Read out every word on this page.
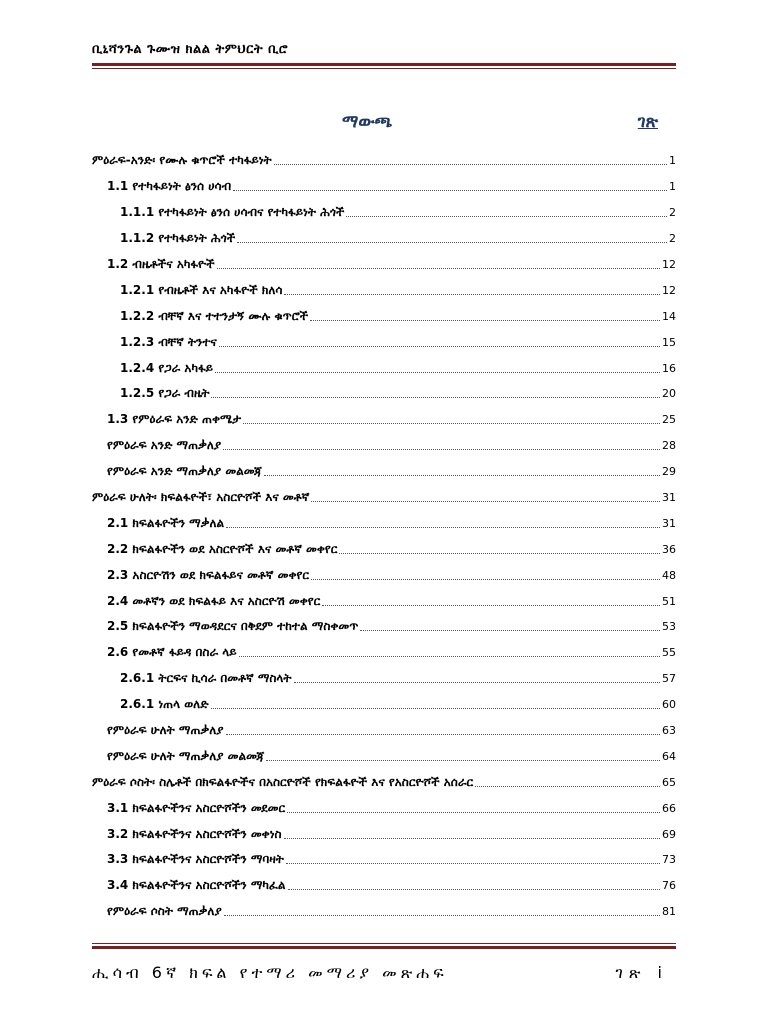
ቢኒሻንጉል ጉሙዝ ክልል ትምህርት ቢሮ
ማውጫ	ገጽ
ምዕራፍ-አንድ፡ የሙሉ ቁጥሮች ተካፋይነት	1
1.1 የተካፋይነት ፅንሰ ሀሳብ	1
1.1.1 የተካፋይነት ፅንሰ ሀሳብና የተካፋይነት ሕጎች	2
1.1.2 የተካፋይነት ሕጎች	2
1.2 ብዜቶችና አካፋዮች	12
1.2.1 የብዜቶች እና አካፋዮች ክለሳ	12
1.2.2 ብቸኛ እና ተተንታኝ ሙሉ ቁጥሮች	14
1.2.3 ብቸኛ ትንተና	15
1.2.4 የጋራ አካፋይ	16
1.2.5 የጋራ ብዜት	20
1.3 የምዕራፍ አንድ ጠቀሜታ	25
የምዕራፍ አንድ ማጠቃለያ	28
የምዕራፍ አንድ ማጠቃለያ መልመጃ	29
ምዕራፍ ሁለት፡ ክፍልፋዮች፣ አስርዮሾች እና መቶኛ	31
2.1 ክፍልፋዮችን ማቃለል	31
2.2 ክፍልፋዮችን ወደ አስርዮሾች እና መቶኛ መቀየር	36
2.3 አስርዮሽን ወደ ክፍልፋይና መቶኛ መቀየር	48
2.4 መቶኛን ወደ ክፍልፋይ እና አስርዮሽ መቀየር	51
2.5 ክፍልፋዮችን ማወዳደርና በቅደም ተከተል ማስቀመጥ	53
2.6 የመቶኛ ፋይዳ በስራ ላይ	55
2.6.1 ትርፍና ኪሳራ በመቶኛ ማስላት	57
2.6.1 ነጠላ ወለድ	60
የምዕራፍ ሁለት ማጠቃለያ	63
የምዕራፍ ሁለት ማጠቃለያ መልመጃ	64
ምዕራፍ ሶስት፡ ስሌቶች በክፍልፋዮችና በአስርዮሾች የክፍልፋዮች እና የአስርዮሾች አሰራር	65
3.1 ክፍልፋዮችንና አስርዮሾችን መደመር	66
3.2 ክፍልፋዮችንና አስርዮሾችን መቀነስ	69
3.3 ክፍልፋዮችንና አስርዮሾችን ማባዛት	73
3.4 ክፍልፋዮችንና አስርዮሾችን ማካፈል	76
የምዕራፍ ሶስት ማጠቃለያ	81
ሒሳብ 6ኛ ክፍል የተማሪ መማሪያ መጽሐፍ	ገጽ i
